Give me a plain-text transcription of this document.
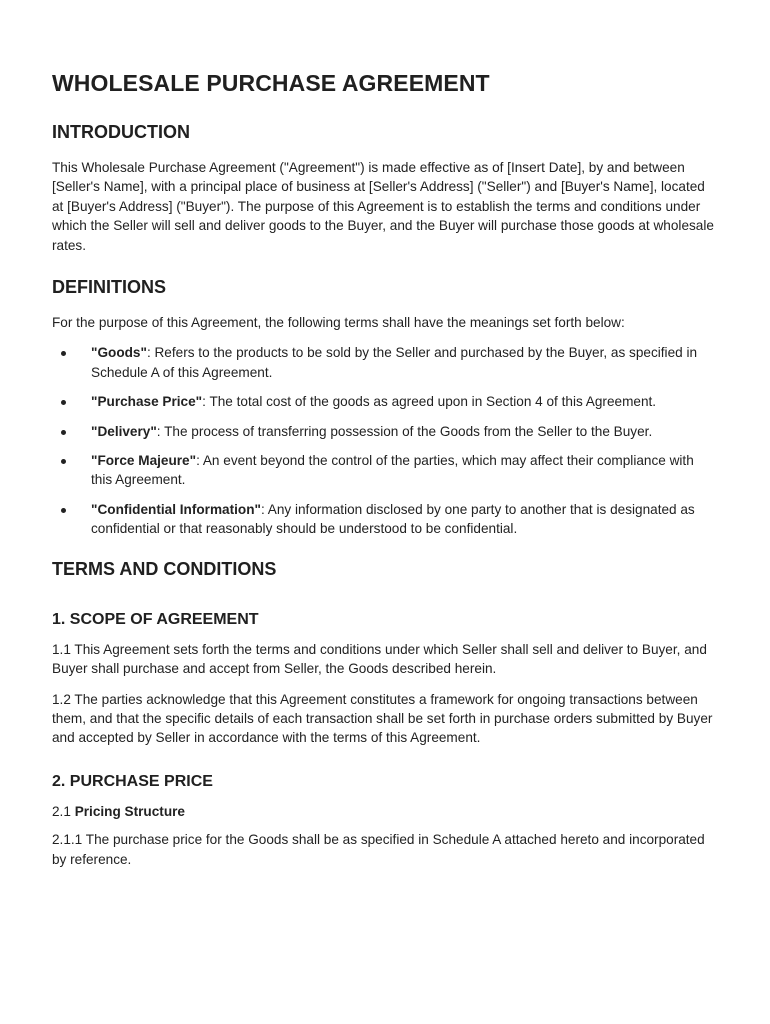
WHOLESALE PURCHASE AGREEMENT
INTRODUCTION

This Wholesale Purchase Agreement ("Agreement") is made effective as of [Insert Date], by and between [Seller's Name], with a principal place of business at [Seller's Address] ("Seller") and [Buyer's Name], located at [Buyer's Address] ("Buyer"). The purpose of this Agreement is to establish the terms and conditions under which the Seller will sell and deliver goods to the Buyer, and the Buyer will purchase those goods at wholesale rates.

DEFINITIONS

For the purpose of this Agreement, the following terms shall have the meanings set forth below:

"Goods": Refers to the products to be sold by the Seller and purchased by the Buyer, as specified in Schedule A of this Agreement.
"Purchase Price": The total cost of the goods as agreed upon in Section 4 of this Agreement.
"Delivery": The process of transferring possession of the Goods from the Seller to the Buyer.
"Force Majeure": An event beyond the control of the parties, which may affect their compliance with this Agreement.
"Confidential Information": Any information disclosed by one party to another that is designated as confidential or that reasonably should be understood to be confidential.
TERMS AND CONDITIONS
1. SCOPE OF AGREEMENT

1.1 This Agreement sets forth the terms and conditions under which Seller shall sell and deliver to Buyer, and Buyer shall purchase and accept from Seller, the Goods described herein.

1.2 The parties acknowledge that this Agreement constitutes a framework for ongoing transactions between them, and that the specific details of each transaction shall be set forth in purchase orders submitted by Buyer and accepted by Seller in accordance with the terms of this Agreement.

2. PURCHASE PRICE
2.1 Pricing Structure

2.1.1 The purchase price for the Goods shall be as specified in Schedule A attached hereto and incorporated by reference.
